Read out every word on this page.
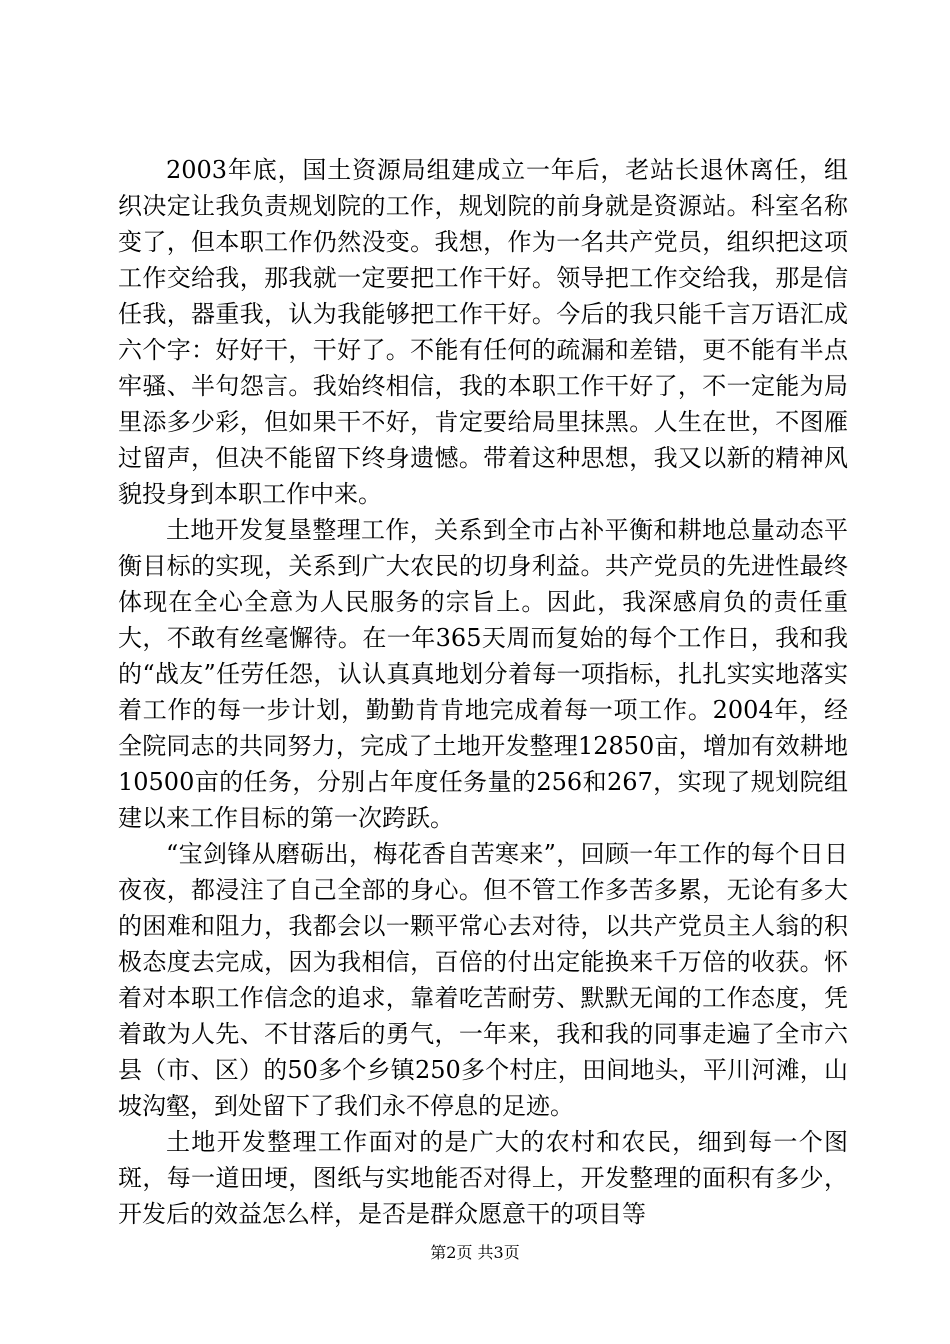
2003年底，国土资源局组建成立一年后，老站长退休离任，组织决定让我负责规划院的工作，规划院的前身就是资源站。科室名称变了，但本职工作仍然没变。我想，作为一名共产党员，组织把这项工作交给我，那我就一定要把工作干好。领导把工作交给我，那是信任我，器重我，认为我能够把工作干好。今后的我只能千言万语汇成六个字：好好干，干好了。不能有任何的疏漏和差错，更不能有半点牢骚、半句怨言。我始终相信，我的本职工作干好了，不一定能为局里添多少彩，但如果干不好，肯定要给局里抹黑。人生在世，不图雁过留声，但决不能留下终身遗憾。带着这种思想，我又以新的精神风貌投身到本职工作中来。

土地开发复垦整理工作，关系到全市占补平衡和耕地总量动态平衡目标的实现，关系到广大农民的切身利益。共产党员的先进性最终体现在全心全意为人民服务的宗旨上。因此，我深感肩负的责任重大，不敢有丝毫懈待。在一年365天周而复始的每个工作日，我和我的“战友”任劳任怨，认认真真地划分着每一项指标，扎扎实实地落实着工作的每一步计划，勤勤肯肯地完成着每一项工作。2004年，经全院同志的共同努力，完成了土地开发整理12850亩，增加有效耕地10500亩的任务，分别占年度任务量的256和267，实现了规划院组建以来工作目标的第一次跨跃。

“宝剑锋从磨砺出，梅花香自苦寒来”，回顾一年工作的每个日日夜夜，都浸注了自己全部的身心。但不管工作多苦多累，无论有多大的困难和阻力，我都会以一颗平常心去对待，以共产党员主人翁的积极态度去完成，因为我相信，百倍的付出定能换来千万倍的收获。怀着对本职工作信念的追求，靠着吃苦耐劳、默默无闻的工作态度，凭着敢为人先、不甘落后的勇气，一年来，我和我的同事走遍了全市六县（市、区）的50多个乡镇250多个村庄，田间地头，平川河滩，山坡沟壑，到处留下了我们永不停息的足迹。

土地开发整理工作面对的是广大的农村和农民，细到每一个图斑，每一道田埂，图纸与实地能否对得上，开发整理的面积有多少，开发后的效益怎么样，是否是群众愿意干的项目等

第2页 共3页
